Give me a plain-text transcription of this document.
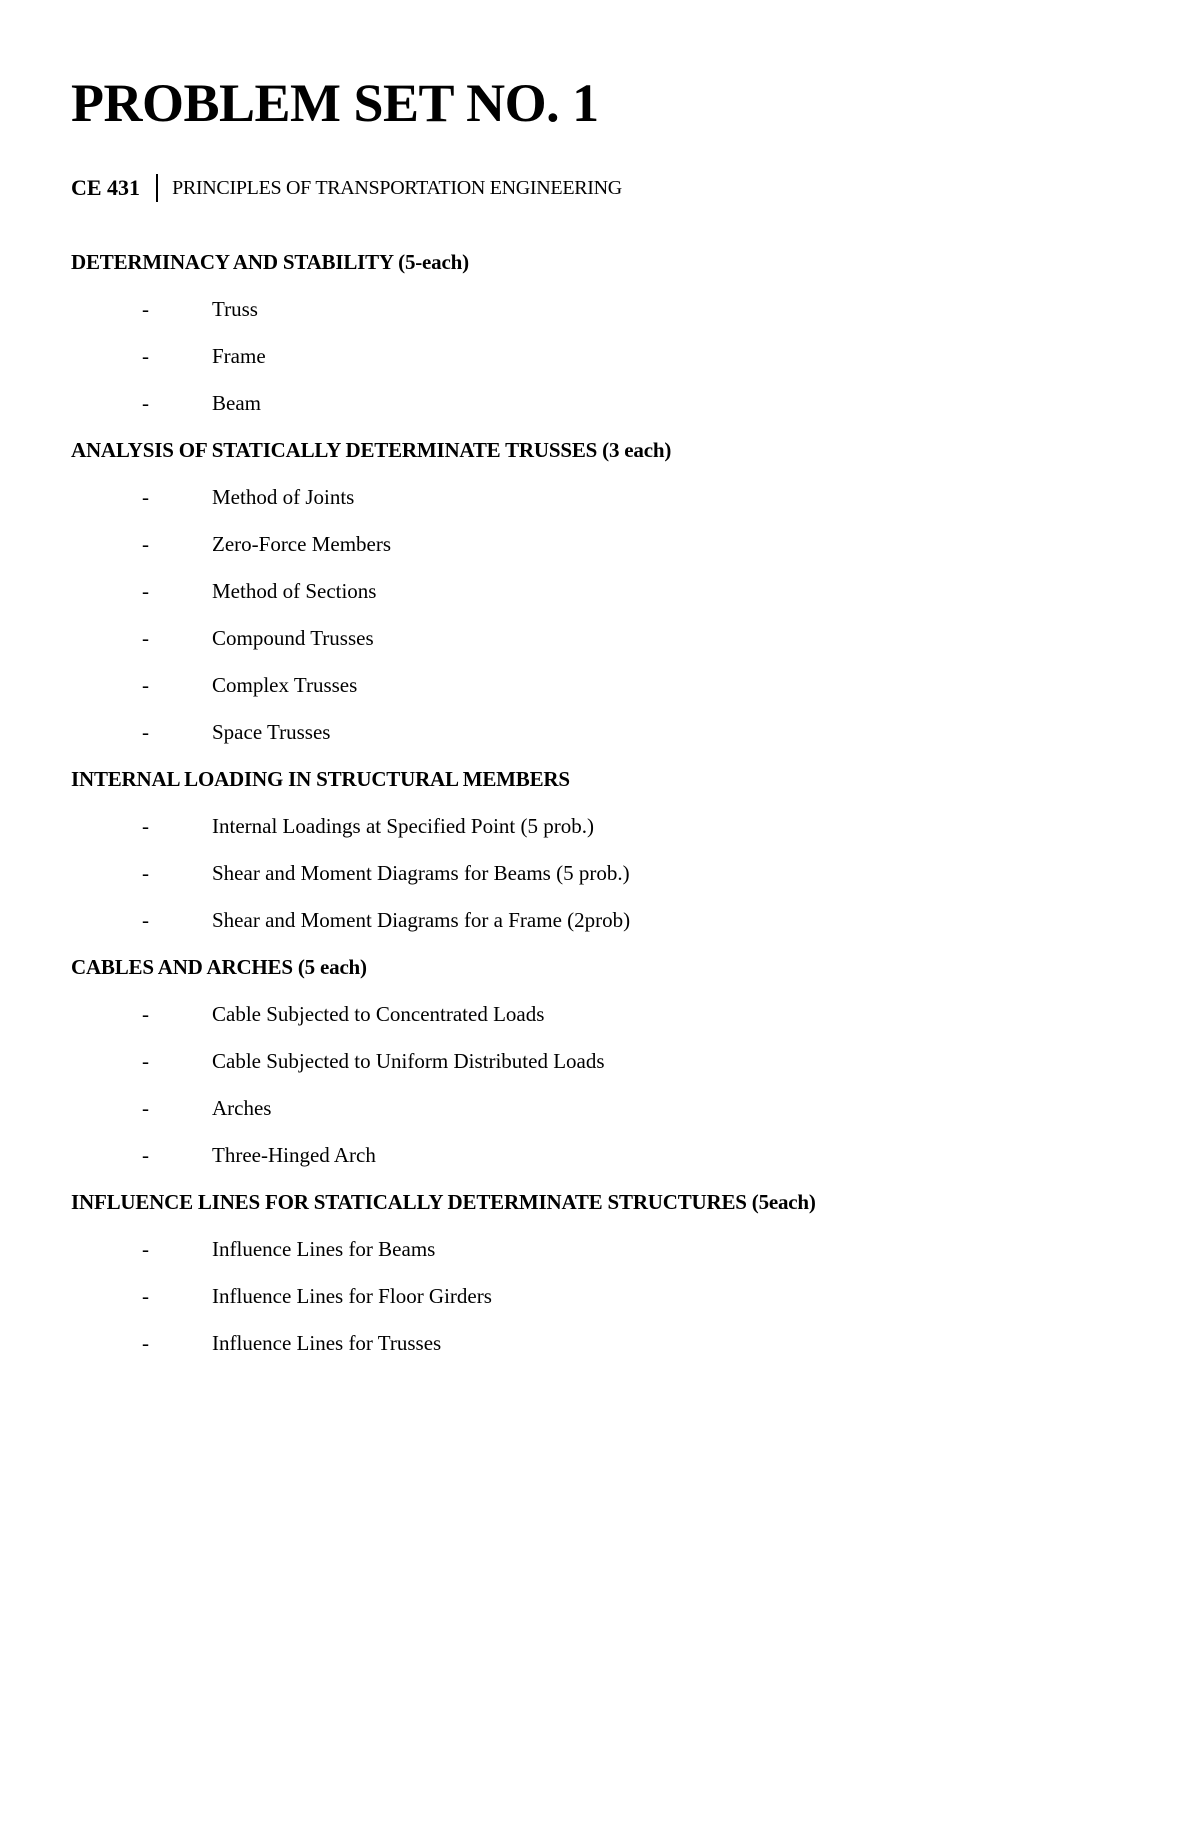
PROBLEM SET NO. 1
CE 431 PRINCIPLES OF TRANSPORTATION ENGINEERING
DETERMINACY AND STABILITY (5-each)
-	Truss
-	Frame
-	Beam
ANALYSIS OF STATICALLY DETERMINATE TRUSSES (3 each)
-	Method of Joints
-	Zero-Force Members
-	Method of Sections
-	Compound Trusses
-	Complex Trusses
-	Space Trusses
INTERNAL LOADING IN STRUCTURAL MEMBERS
-	Internal Loadings at Specified Point (5 prob.)
-	Shear and Moment Diagrams for Beams (5 prob.)
-	Shear and Moment Diagrams for a Frame (2prob)
CABLES AND ARCHES (5 each)
-	Cable Subjected to Concentrated Loads
-	Cable Subjected to Uniform Distributed Loads
-	Arches
-	Three-Hinged Arch
INFLUENCE LINES FOR STATICALLY DETERMINATE STRUCTURES (5each)
-	Influence Lines for Beams
-	Influence Lines for Floor Girders
-	Influence Lines for Trusses
